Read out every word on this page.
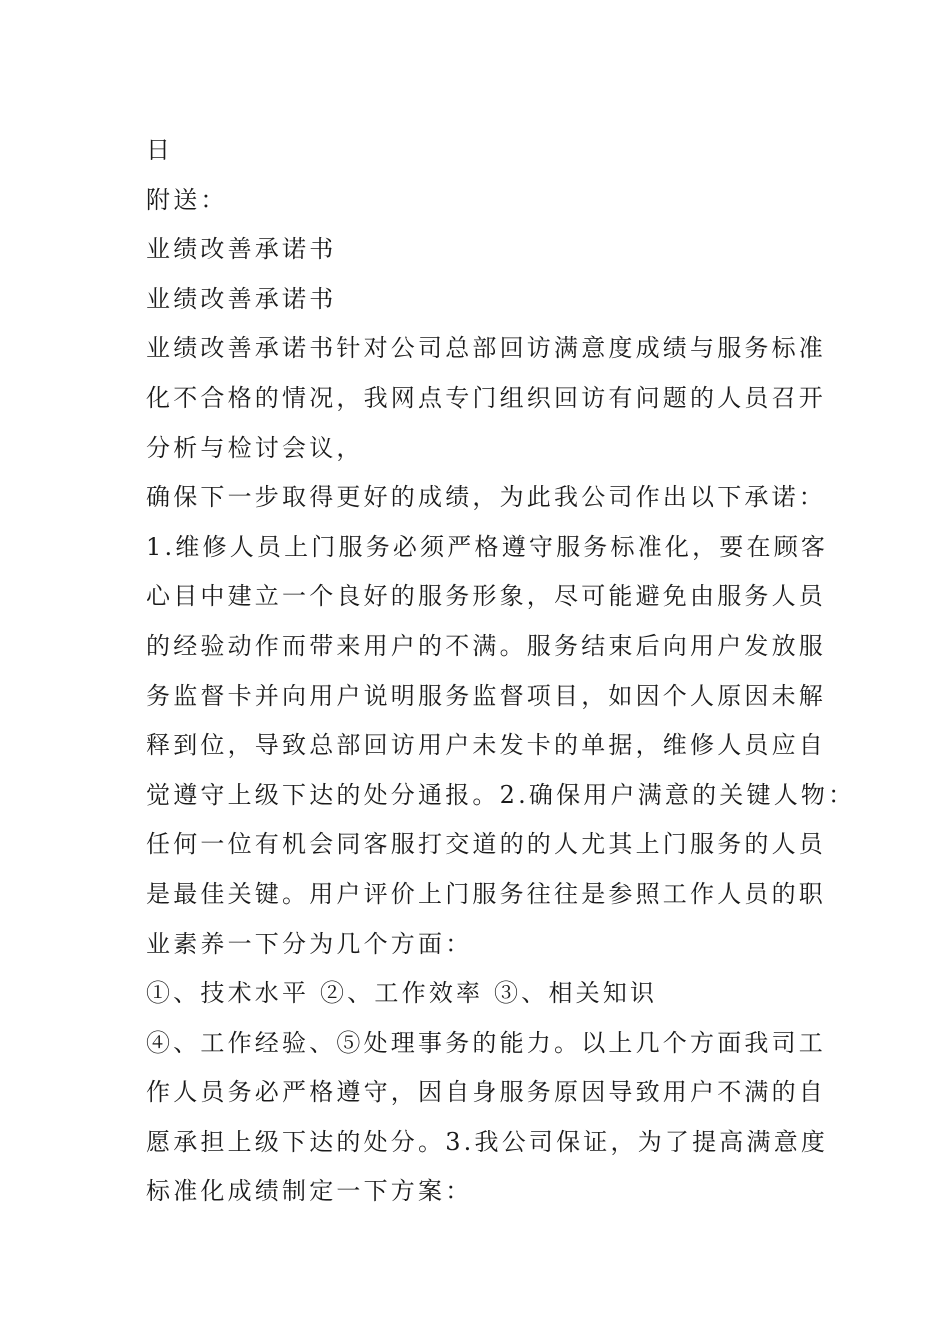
日
附送：
业绩改善承诺书
业绩改善承诺书
业绩改善承诺书针对公司总部回访满意度成绩与服务标准
化不合格的情况，我网点专门组织回访有问题的人员召开
分析与检讨会议，
确保下一步取得更好的成绩，为此我公司作出以下承诺：
1.维修人员上门服务必须严格遵守服务标准化，要在顾客
心目中建立一个良好的服务形象，尽可能避免由服务人员
的经验动作而带来用户的不满。服务结束后向用户发放服
务监督卡并向用户说明服务监督项目，如因个人原因未解
释到位，导致总部回访用户未发卡的单据，维修人员应自
觉遵守上级下达的处分通报。2.确保用户满意的关键人物：
任何一位有机会同客服打交道的的人尤其上门服务的人员
是最佳关键。用户评价上门服务往往是参照工作人员的职
业素养一下分为几个方面：
①、技术水平 ②、工作效率 ③、相关知识
④、工作经验、⑤处理事务的能力。以上几个方面我司工
作人员务必严格遵守，因自身服务原因导致用户不满的自
愿承担上级下达的处分。3.我公司保证，为了提高满意度
标准化成绩制定一下方案：
